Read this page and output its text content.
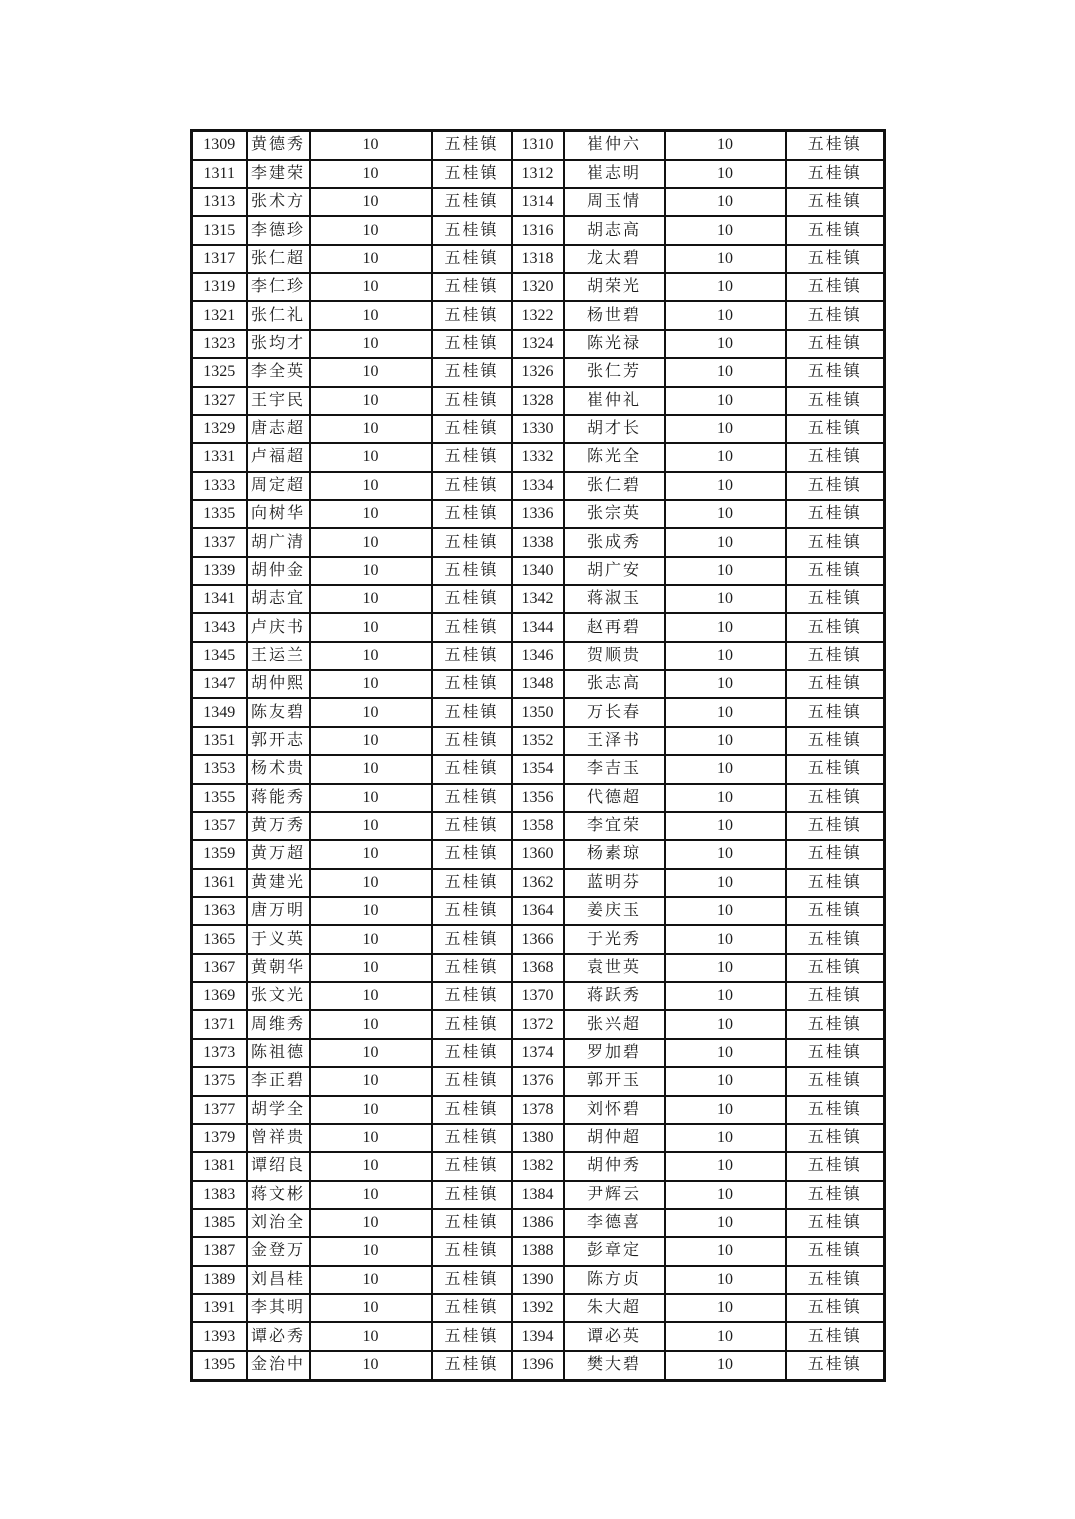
1309	黄德秀	10	五桂镇	1310	崔仲六	10	五桂镇
1311	李建荣	10	五桂镇	1312	崔志明	10	五桂镇
1313	张术方	10	五桂镇	1314	周玉情	10	五桂镇
1315	李德珍	10	五桂镇	1316	胡志高	10	五桂镇
1317	张仁超	10	五桂镇	1318	龙太碧	10	五桂镇
1319	李仁珍	10	五桂镇	1320	胡荣光	10	五桂镇
1321	张仁礼	10	五桂镇	1322	杨世碧	10	五桂镇
1323	张均才	10	五桂镇	1324	陈光禄	10	五桂镇
1325	李全英	10	五桂镇	1326	张仁芳	10	五桂镇
1327	王宇民	10	五桂镇	1328	崔仲礼	10	五桂镇
1329	唐志超	10	五桂镇	1330	胡才长	10	五桂镇
1331	卢福超	10	五桂镇	1332	陈光全	10	五桂镇
1333	周定超	10	五桂镇	1334	张仁碧	10	五桂镇
1335	向树华	10	五桂镇	1336	张宗英	10	五桂镇
1337	胡广清	10	五桂镇	1338	张成秀	10	五桂镇
1339	胡仲金	10	五桂镇	1340	胡广安	10	五桂镇
1341	胡志宜	10	五桂镇	1342	蒋淑玉	10	五桂镇
1343	卢庆书	10	五桂镇	1344	赵再碧	10	五桂镇
1345	王运兰	10	五桂镇	1346	贺顺贵	10	五桂镇
1347	胡仲熙	10	五桂镇	1348	张志高	10	五桂镇
1349	陈友碧	10	五桂镇	1350	万长春	10	五桂镇
1351	郭开志	10	五桂镇	1352	王泽书	10	五桂镇
1353	杨术贵	10	五桂镇	1354	李吉玉	10	五桂镇
1355	蒋能秀	10	五桂镇	1356	代德超	10	五桂镇
1357	黄万秀	10	五桂镇	1358	李宜荣	10	五桂镇
1359	黄万超	10	五桂镇	1360	杨素琼	10	五桂镇
1361	黄建光	10	五桂镇	1362	蓝明芬	10	五桂镇
1363	唐万明	10	五桂镇	1364	姜庆玉	10	五桂镇
1365	于义英	10	五桂镇	1366	于光秀	10	五桂镇
1367	黄朝华	10	五桂镇	1368	袁世英	10	五桂镇
1369	张文光	10	五桂镇	1370	蒋跃秀	10	五桂镇
1371	周维秀	10	五桂镇	1372	张兴超	10	五桂镇
1373	陈祖德	10	五桂镇	1374	罗加碧	10	五桂镇
1375	李正碧	10	五桂镇	1376	郭开玉	10	五桂镇
1377	胡学全	10	五桂镇	1378	刘怀碧	10	五桂镇
1379	曾祥贵	10	五桂镇	1380	胡仲超	10	五桂镇
1381	谭绍良	10	五桂镇	1382	胡仲秀	10	五桂镇
1383	蒋文彬	10	五桂镇	1384	尹辉云	10	五桂镇
1385	刘治全	10	五桂镇	1386	李德喜	10	五桂镇
1387	金登万	10	五桂镇	1388	彭章定	10	五桂镇
1389	刘昌桂	10	五桂镇	1390	陈方贞	10	五桂镇
1391	李其明	10	五桂镇	1392	朱大超	10	五桂镇
1393	谭必秀	10	五桂镇	1394	谭必英	10	五桂镇
1395	金治中	10	五桂镇	1396	樊大碧	10	五桂镇
